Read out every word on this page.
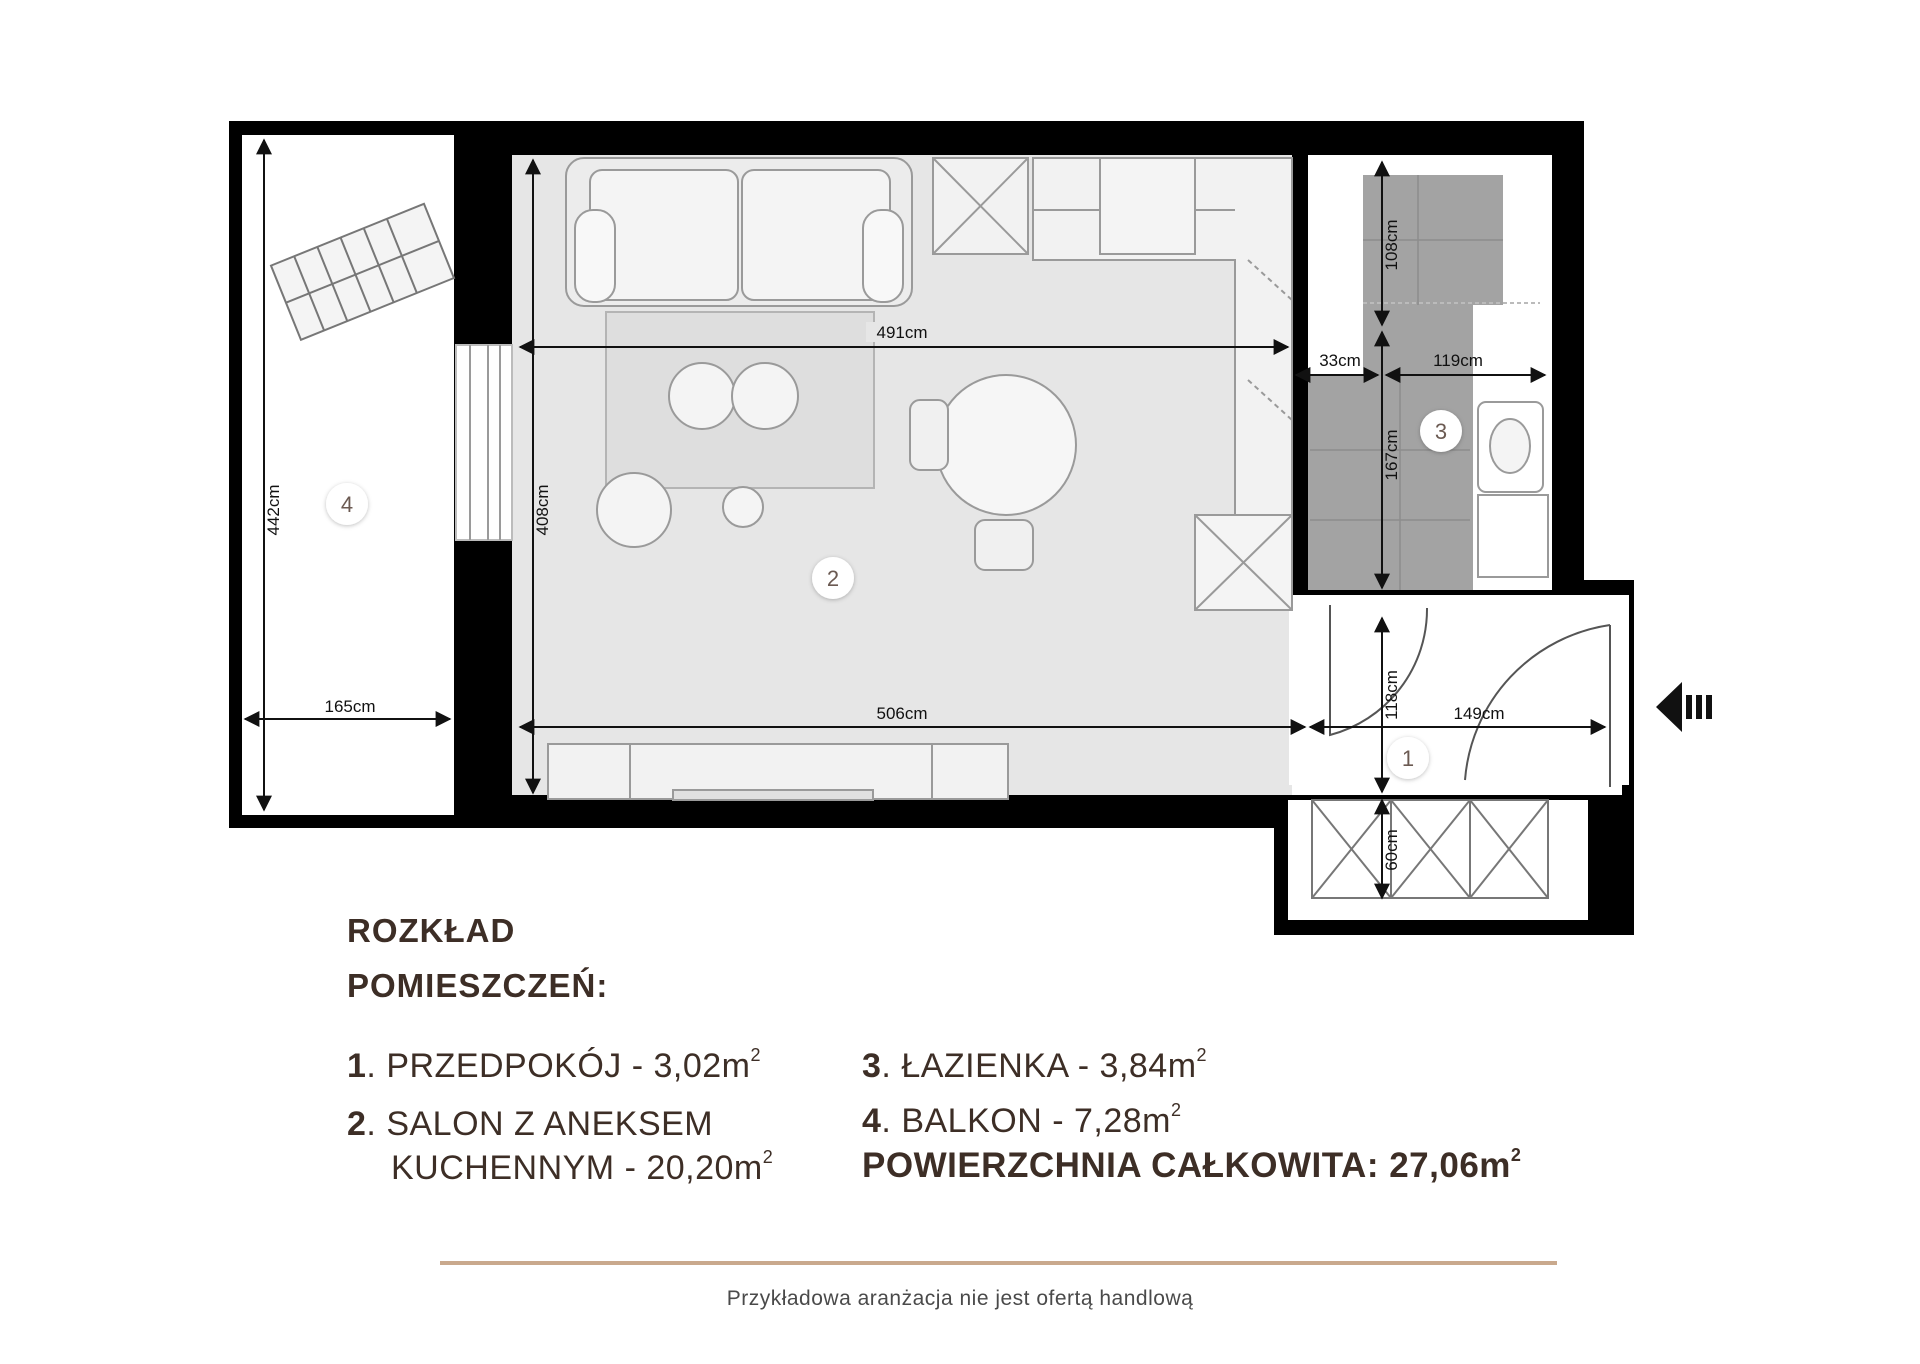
491cm
506cm
408cm
442cm
165cm
108cm
33cm	119cm
167cm
118cm	149cm
60cm
1
2
3
4
ROZKŁAD
POMIESZCZEŃ:
1. PRZEDPOKÓJ - $3,02m^2$
2. SALON Z ANEKSEM
KUCHENNYM - $20,20m^2$
3. ŁAZIENKA - $3,84m^2$
4. BALKON - $7,28m^2$
POWIERZCHNIA CAŁKOWITA: $27,06m^2$
Przykładowa aranżacja nie jest ofertą handlową
